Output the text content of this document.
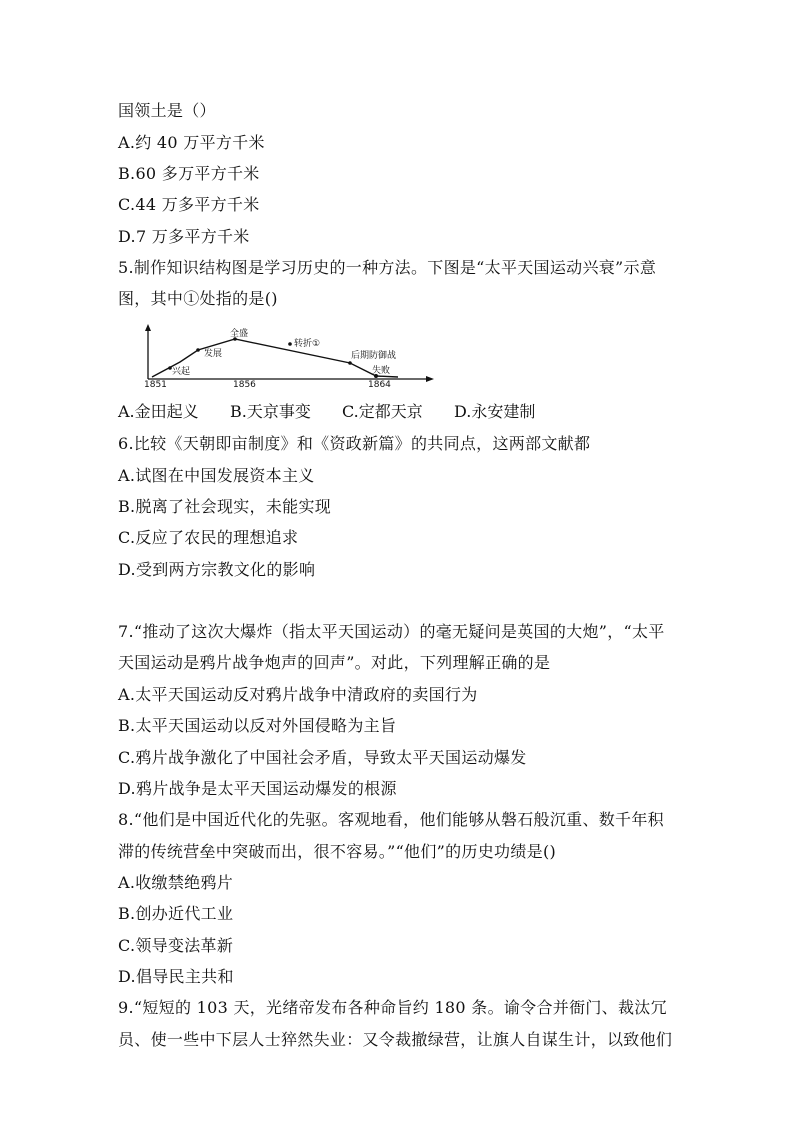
国领土是（）
A.约 40 万平方千米
B.60 多万平方千米
C.44 万多平方千米
D.7 万多平方千米
5.制作知识结构图是学习历史的一种方法。下图是“太平天国运动兴衰”示意
图，其中①处指的是()
兴起
发展
全盛
转折①
后期防御战
失败
1851	1856	1864
A.金田起义 B.天京事变 C.定都天京 D.永安建制
6.比较《天朝即亩制度》和《资政新篇》的共同点，这两部文献都
A.试图在中国发展资本主义
B.脱离了社会现实，未能实现
C.反应了农民的理想追求
D.受到两方宗教文化的影响
7.“推动了这次大爆炸（指太平天国运动）的毫无疑问是英国的大炮”，“太平
天国运动是鸦片战争炮声的回声”。对此，下列理解正确的是
A.太平天国运动反对鸦片战争中清政府的卖国行为
B.太平天国运动以反对外国侵略为主旨
C.鸦片战争激化了中国社会矛盾，导致太平天国运动爆发
D.鸦片战争是太平天国运动爆发的根源
8.“他们是中国近代化的先驱。客观地看，他们能够从磐石般沉重、数千年积
滞的传统营垒中突破而出，很不容易。”“他们”的历史功绩是()
A.收缴禁绝鸦片
B.创办近代工业
C.领导变法革新
D.倡导民主共和
9.“短短的 103 天，光绪帝发布各种命旨约 180 条。谕令合并衙门、裁汰冗
员、使一些中下层人士猝然失业：又令裁撤绿营，让旗人自谋生计，以致他们
